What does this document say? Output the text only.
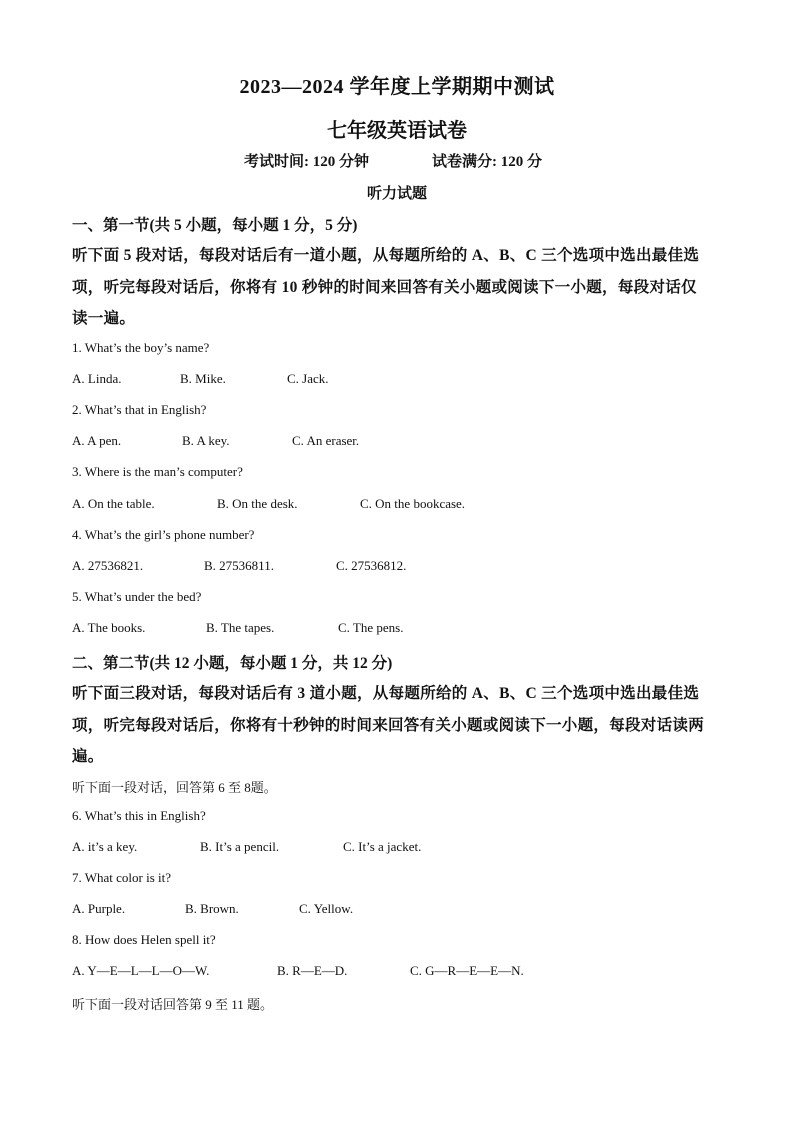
2023—2024 学年度上学期期中测试
七年级英语试卷
考试时间: 120 分钟	试卷满分: 120 分
听力试题
一、第一节(共 5 小题，每小题 1 分，5 分)
听下面 5 段对话，每段对话后有一道小题，从每题所给的 A、B、C 三个选项中选出最佳选
项，听完每段对话后，你将有 10 秒钟的时间来回答有关小题或阅读下一小题，每段对话仅
读一遍。
1. What’s the boy’s name?
A. Linda.	B. Mike.	C. Jack.
2. What’s that in English?
A. A pen.	B. A key.	C. An eraser.
3. Where is the man’s computer?
A. On the table.	B. On the desk.	C. On the bookcase.
4. What’s the girl’s phone number?
A. 27536821.	B. 27536811.	C. 27536812.
5. What’s under the bed?
A. The books.	B. The tapes.	C. The pens.
二、第二节(共 12 小题，每小题 1 分，共 12 分)
听下面三段对话，每段对话后有 3 道小题，从每题所给的 A、B、C 三个选项中选出最佳选
项，听完每段对话后，你将有十秒钟的时间来回答有关小题或阅读下一小题，每段对话读两
遍。
听下面一段对话，回答第 6 至 8题。
6. What’s this in English?
A. it’s a key.	B. It’s a pencil.	C. It’s a jacket.
7. What color is it?
A. Purple.	B. Brown.	C. Yellow.
8. How does Helen spell it?
A. Y—E—L—L—O—W.	B. R—E—D.	C. G—R—E—E—N.
听下面一段对话回答第 9 至 11 题。
